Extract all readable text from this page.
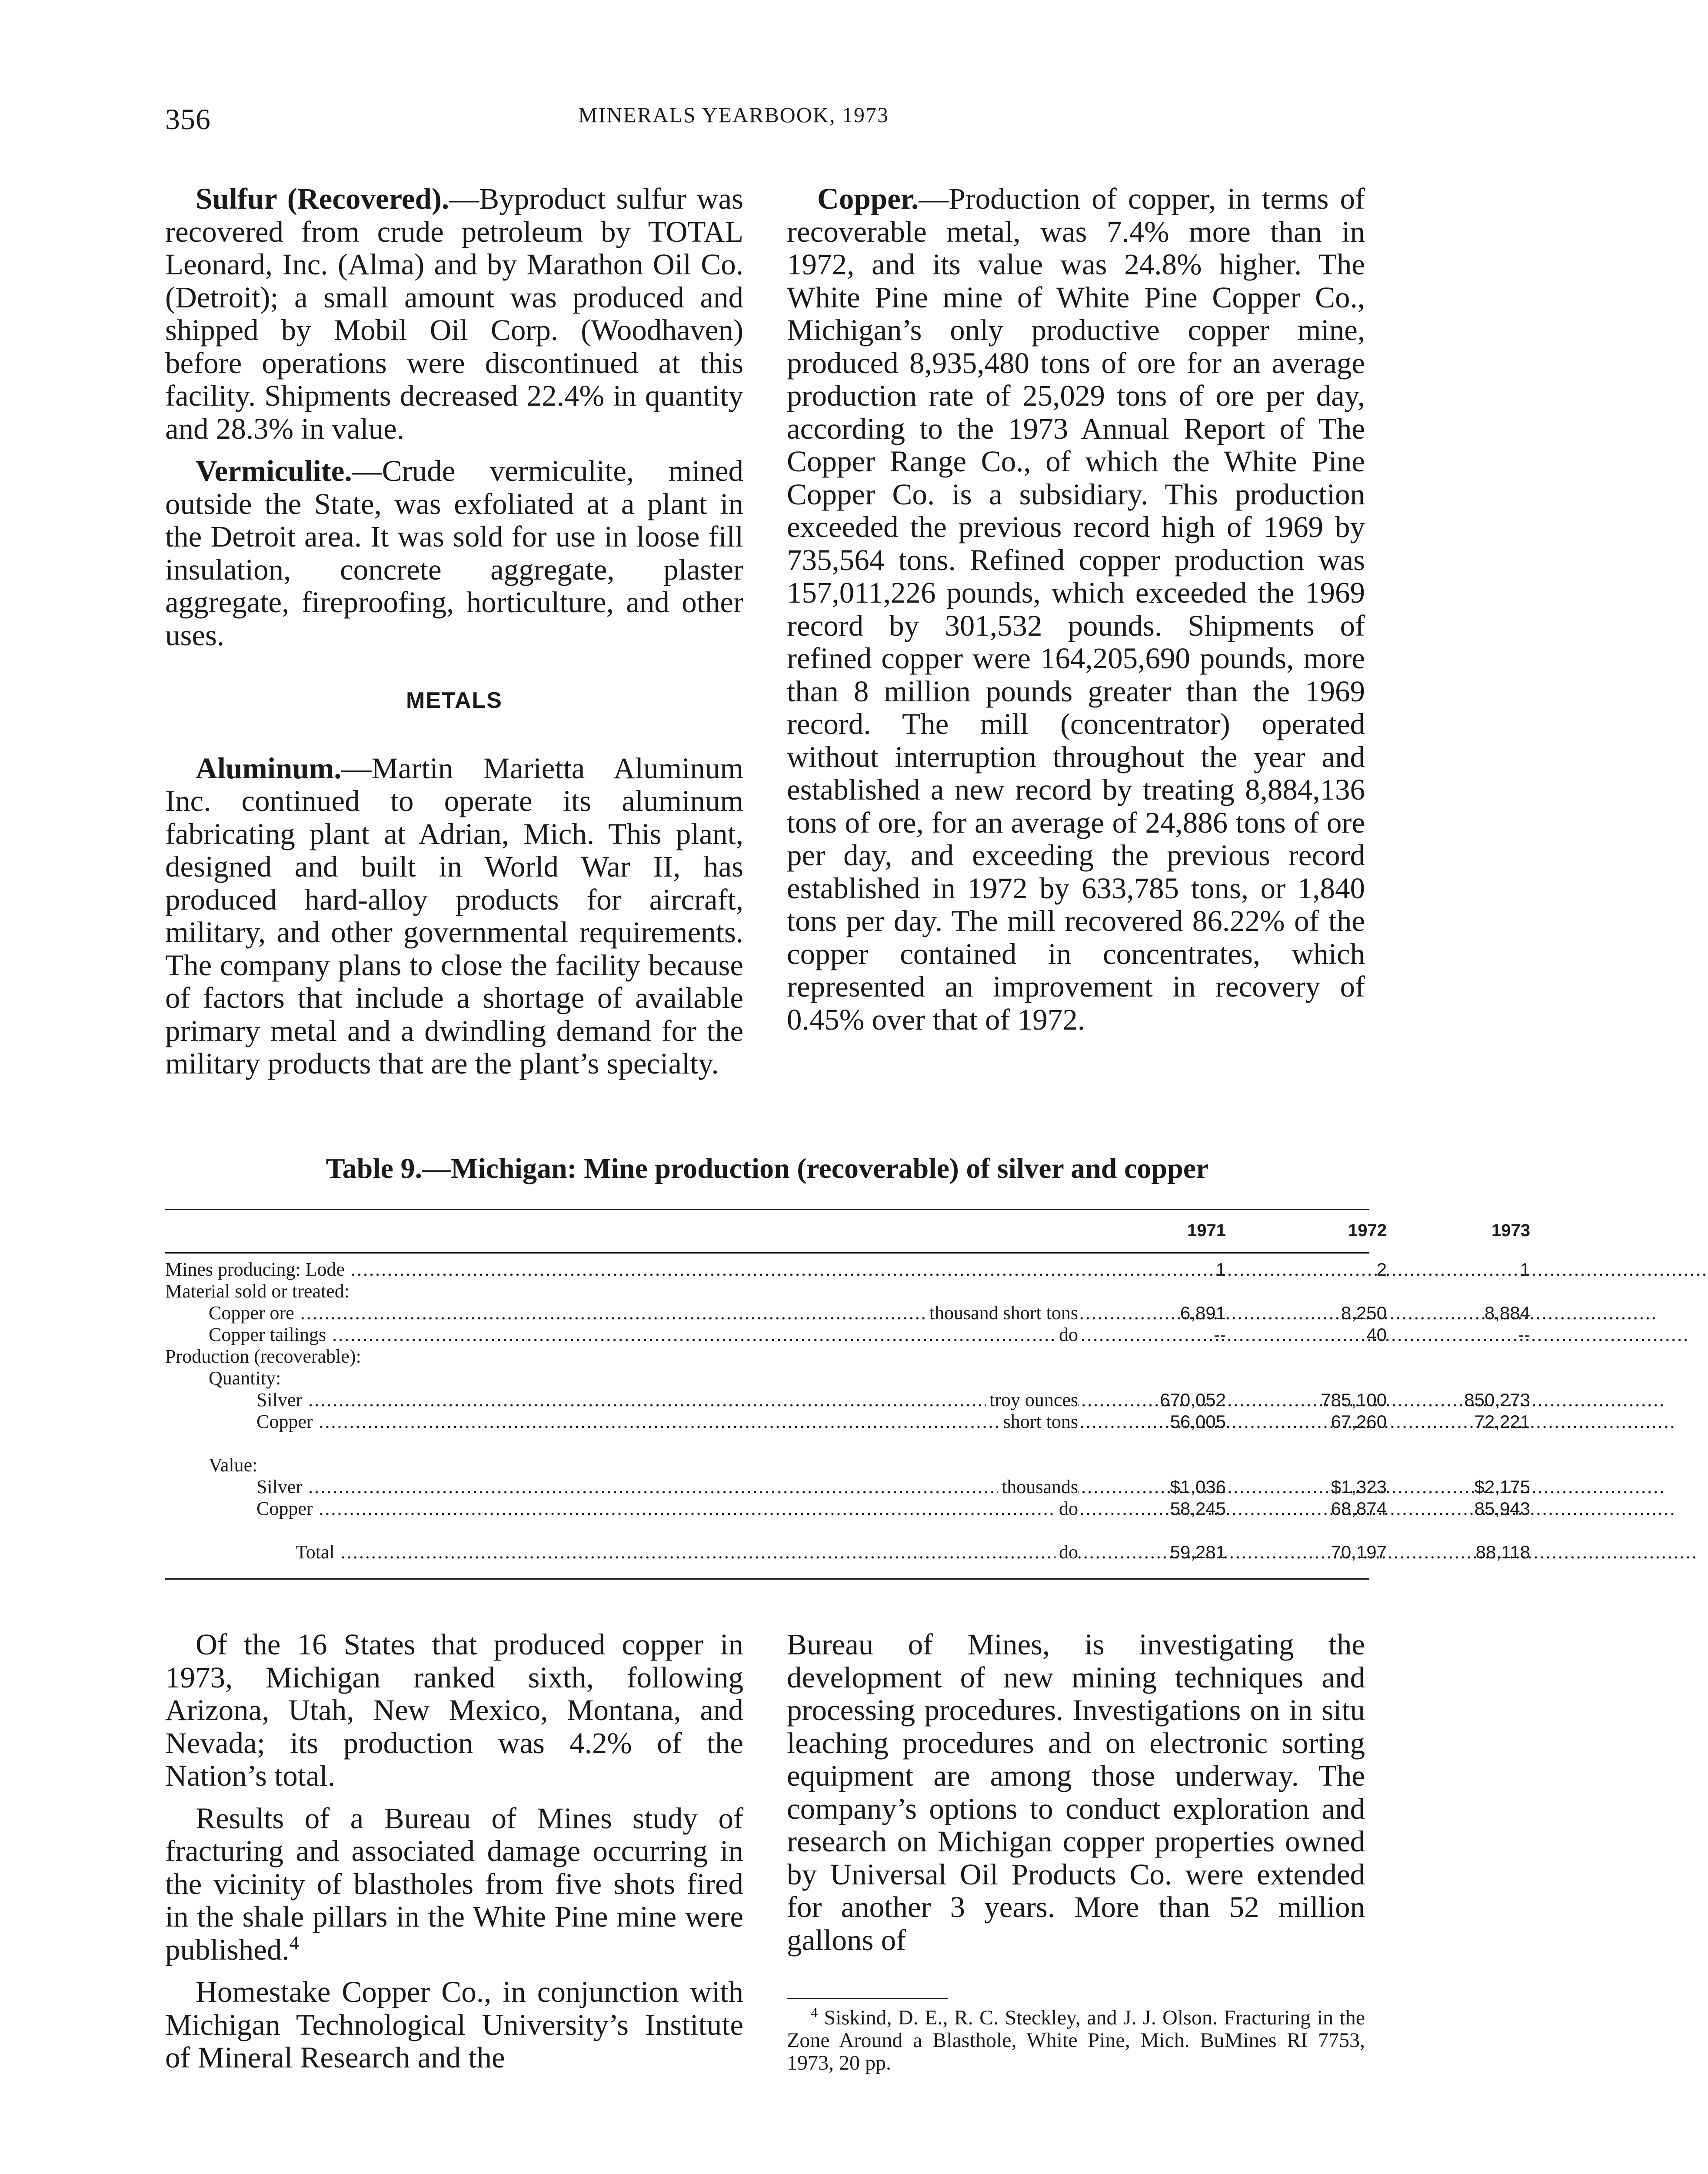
356	MINERALS YEARBOOK, 1973

Sulfur (Recovered).—Byproduct sulfur was recovered from crude petroleum by TOTAL Leonard, Inc. (Alma) and by Marathon Oil Co. (Detroit); a small amount was produced and shipped by Mobil Oil Corp. (Woodhaven) before operations were discontinued at this facility. Shipments decreased 22.4% in quantity and 28.3% in value.

Vermiculite.—Crude vermiculite, mined outside the State, was exfoliated at a plant in the Detroit area. It was sold for use in loose fill insulation, concrete aggregate, plaster aggregate, fireproofing, horticulture, and other uses.

METALS

Aluminum.—Martin Marietta Aluminum Inc. continued to operate its aluminum fabricating plant at Adrian, Mich. This plant, designed and built in World War II, has produced hard-alloy products for aircraft, military, and other governmental requirements. The company plans to close the facility because of factors that include a shortage of available primary metal and a dwindling demand for the military products that are the plant’s specialty.

Copper.—Production of copper, in terms of recoverable metal, was 7.4% more than in 1972, and its value was 24.8% higher. The White Pine mine of White Pine Copper Co., Michigan’s only productive copper mine, produced 8,935,480 tons of ore for an average production rate of 25,029 tons of ore per day, according to the 1973 Annual Report of The Copper Range Co., of which the White Pine Copper Co. is a subsidiary. This production exceeded the previous record high of 1969 by 735,564 tons. Refined copper production was 157,011,226 pounds, which exceeded the 1969 record by 301,532 pounds. Shipments of refined copper were 164,205,690 pounds, more than 8 million pounds greater than the 1969 record. The mill (concentrator) operated without interruption throughout the year and established a new record by treating 8,884,136 tons of ore, for an average of 24,886 tons of ore per day, and exceeding the previous record established in 1972 by 633,785 tons, or 1,840 tons per day. The mill recovered 86.22% of the copper contained in concentrates, which represented an improvement in recovery of 0.45% over that of 1972.

Table 9.—Michigan: Mine production (recoverable) of silver and copper
1971	1972	1973
Mines producing: Lode .....	1	2	1
Material sold or treated:
Copper ore .....	thousand short tons	6,891	8,250	8,884
Copper tailings .....	do	--	40	--
Production (recoverable):
Quantity:
Silver .....	troy ounces	670,052	785,100	850,273
Copper .....	short tons	56,005	67,260	72,221
Value:
Silver .....	thousands	$1,036	$1,323	$2,175
Copper .....	do	58,245	68,874	85,943
Total .....	do	59,281	70,197	88,118

Of the 16 States that produced copper in 1973, Michigan ranked sixth, following Arizona, Utah, New Mexico, Montana, and Nevada; its production was 4.2% of the Nation’s total.

Results of a Bureau of Mines study of fracturing and associated damage occurring in the vicinity of blastholes from five shots fired in the shale pillars in the White Pine mine were published.$^4$

Homestake Copper Co., in conjunction with Michigan Technological University’s Institute of Mineral Research and the

Bureau of Mines, is investigating the development of new mining techniques and processing procedures. Investigations on in situ leaching procedures and on electronic sorting equipment are among those underway. The company’s options to conduct exploration and research on Michigan copper properties owned by Universal Oil Products Co. were extended for another 3 years. More than 52 million gallons of

$^4$ Siskind, D. E., R. C. Steckley, and J. J. Olson. Fracturing in the Zone Around a Blasthole, White Pine, Mich. BuMines RI 7753, 1973, 20 pp.
